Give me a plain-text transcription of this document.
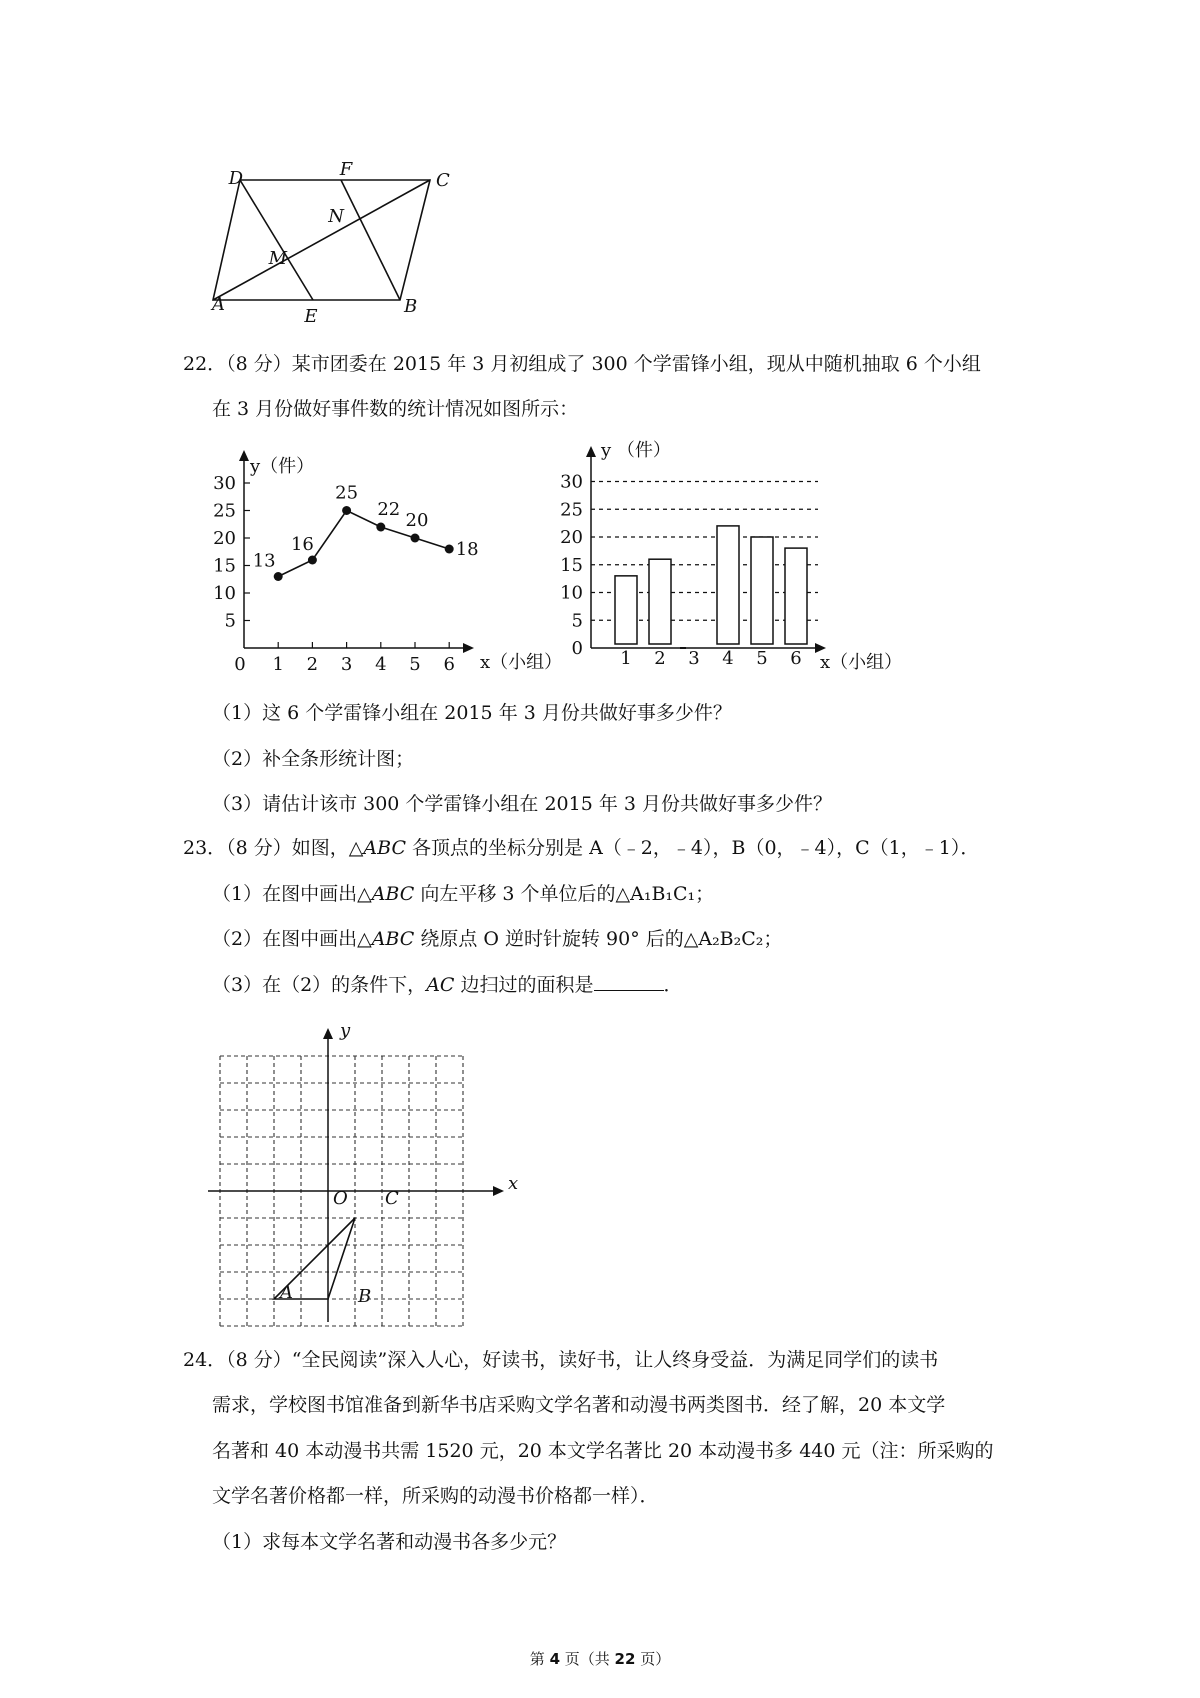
D	F
C
N
M
A
E	B
22．（8 分）某市团委在 2015 年 3 月初组成了 300 个学雷锋小组，现从中随机抽取 6 个小组
在 3 月份做好事件数的统计情况如图所示：
5
10
15
20
25
30
0 1 2 3 4 5 6
y（件）
x（小组）
13
16
25
22
20
18
5
10
15
20
25
30
0
y （件）
x（小组）
1 2 3 4 5 6
（1）这 6 个学雷锋小组在 2015 年 3 月份共做好事多少件？
（2）补全条形统计图；
（3）请估计该市 300 个学雷锋小组在 2015 年 3 月份共做好事多少件？
23．（8 分）如图，△ABC 各顶点的坐标分别是 A（﹣2，﹣4），B（0，﹣4），C（1，﹣1）．
（1）在图中画出△ABC 向左平移 3 个单位后的△A₁B₁C₁；
（2）在图中画出△ABC 绕原点 O 逆时针旋转 90° 后的△A₂B₂C₂；
（3）在（2）的条件下，AC 边扫过的面积是	．
y
x
O C
A	B
24．（8 分）“全民阅读”深入人心，好读书，读好书，让人终身受益．为满足同学们的读书
需求，学校图书馆准备到新华书店采购文学名著和动漫书两类图书．经了解，20 本文学
名著和 40 本动漫书共需 1520 元，20 本文学名著比 20 本动漫书多 440 元（注：所采购的
文学名著价格都一样，所采购的动漫书价格都一样）．
（1）求每本文学名著和动漫书各多少元？
第 4 页（共 22 页）
